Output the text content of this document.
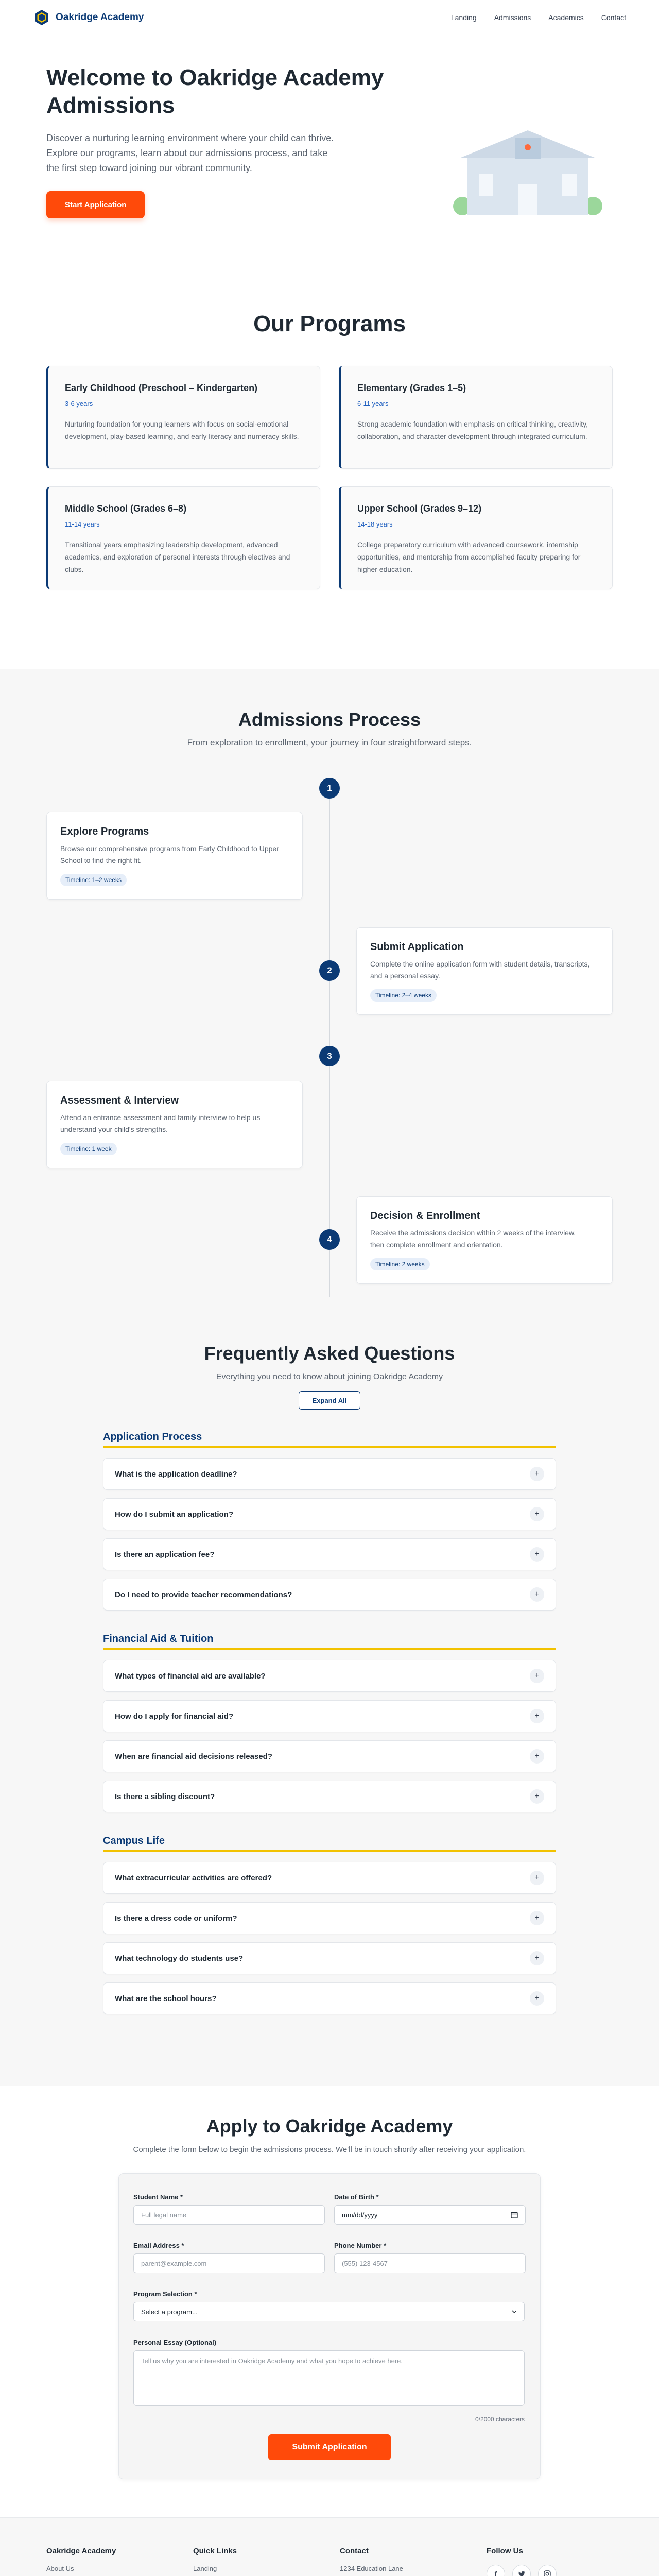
Oakridge Academy	Landing Admissions Academics Contact
Welcome to Oakridge Academy Admissions

Discover a nurturing learning environment where your child can thrive. Explore our programs, learn about our admissions process, and take the first step toward joining our vibrant community.

Start Application
Our Programs
Early Childhood (Preschool – Kindergarten)
3-6 years

Nurturing foundation for young learners with focus on social-emotional development, play-based learning, and early literacy and numeracy skills.

Elementary (Grades 1–5)
6-11 years

Strong academic foundation with emphasis on critical thinking, creativity, collaboration, and character development through integrated curriculum.

Middle School (Grades 6–8)
11-14 years

Transitional years emphasizing leadership development, advanced academics, and exploration of personal interests through electives and clubs.

Upper School (Grades 9–12)
14-18 years

College preparatory curriculum with advanced coursework, internship opportunities, and mentorship from accomplished faculty preparing for higher education.

Admissions Process

From exploration to enrollment, your journey in four straightforward steps.

1
Explore Programs

Browse our comprehensive programs from Early Childhood to Upper School to find the right fit.

Timeline: 1–2 weeks
2
Submit Application

Complete the online application form with student details, transcripts, and a personal essay.

Timeline: 2–4 weeks
3
Assessment & Interview

Attend an entrance assessment and family interview to help us understand your child's strengths.

Timeline: 1 week
4
Decision & Enrollment

Receive the admissions decision within 2 weeks of the interview, then complete enrollment and orientation.

Timeline: 2 weeks
Frequently Asked Questions

Everything you need to know about joining Oakridge Academy

Expand All
Application Process
What is the application deadline?	+
How do I submit an application?	+
Is there an application fee?	+
Do I need to provide teacher recommendations?	+
Financial Aid & Tuition
What types of financial aid are available?	+
How do I apply for financial aid?	+
When are financial aid decisions released?	+
Is there a sibling discount?	+
Campus Life
What extracurricular activities are offered?	+
Is there a dress code or uniform?	+
What technology do students use?	+
What are the school hours?	+
Apply to Oakridge Academy

Complete the form below to begin the admissions process. We'll be in touch shortly after receiving your application.

Student Name *
Full legal name
Date of Birth *
mm/dd/yyyy
Email Address *
parent@example.com
Phone Number *
(555) 123-4567
Program Selection *
Select a program...
Personal Essay (Optional)
Tell us why you are interested in Oakridge Academy and what you hope to achieve here.
0/2000 characters
Submit Application
Oakridge Academy
About Us
Quick Links
Landing
Contact
1234 Education Lane
Follow Us
f
